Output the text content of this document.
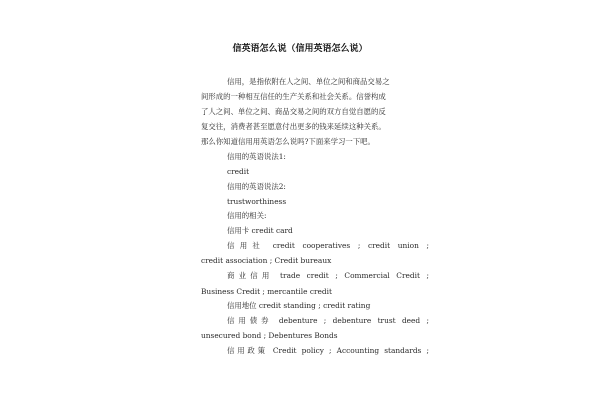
信英语怎么说（信用英语怎么说）
信用，是指依附在人之间、单位之间和商品交易之
间形成的一种相互信任的生产关系和社会关系。信誉构成
了人之间、单位之间、商品交易之间的双方自觉自愿的反
复交往，消费者甚至愿意付出更多的钱来延续这种关系。
那么你知道信用用英语怎么说吗?下面来学习一下吧。
信用的英语说法1:
credit
信用的英语说法2:
trustworthiness
信用的相关:
信用卡 credit card
信用社 credit cooperatives ; credit union ;
credit association ; Credit bureaux
商业信用 trade credit ; Commercial Credit ;
Business Credit ; mercantile credit
信用地位 credit standing ; credit rating
信用债券 debenture ; debenture trust deed ;
unsecured bond ; Debentures Bonds
信用政策 Credit policy ; Accounting standards ;
